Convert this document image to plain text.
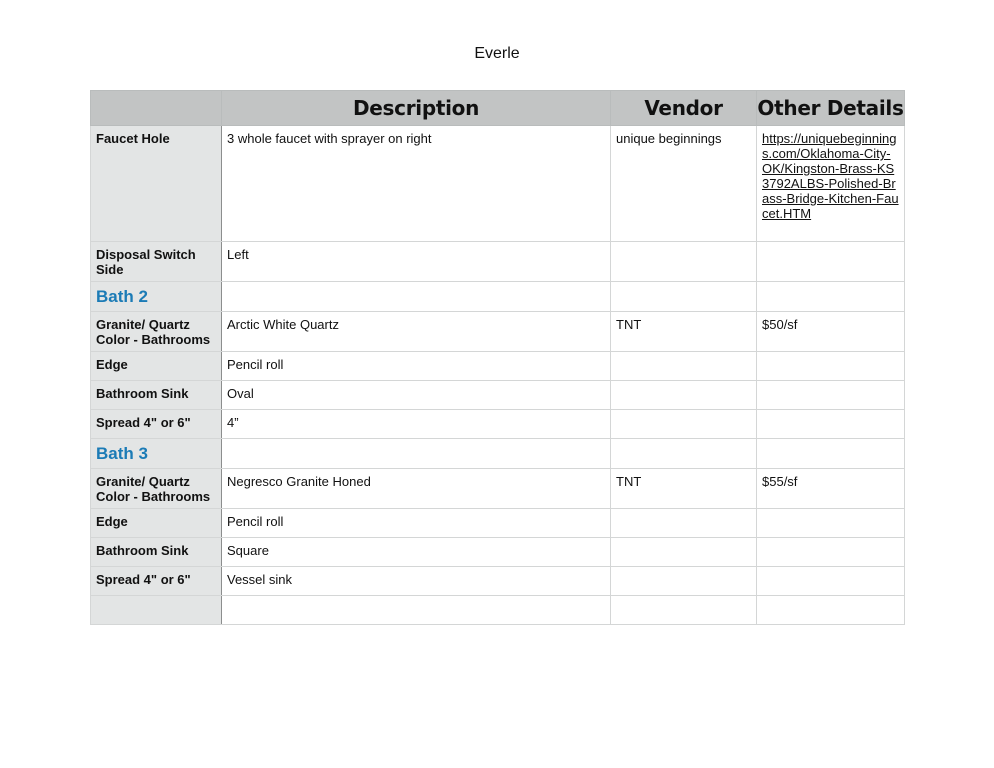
Everle
	Description	Vendor	Other Details
Faucet Hole	3 whole faucet with sprayer on right	unique beginnings	https://uniquebeginnings.com/Oklahoma-City-OK/Kingston-Brass-KS3792ALBS-Polished-Brass-Bridge-Kitchen-Faucet.HTM
Disposal Switch Side	Left		
Bath 2			
Granite/ Quartz Color - Bathrooms	Arctic White Quartz	TNT	$50/sf
Edge	Pencil roll		
Bathroom Sink	Oval		
Spread 4" or 6"	4”		
Bath 3			
Granite/ Quartz Color - Bathrooms	Negresco Granite Honed	TNT	$55/sf
Edge	Pencil roll		
Bathroom Sink	Square		
Spread 4" or 6"	Vessel sink		
